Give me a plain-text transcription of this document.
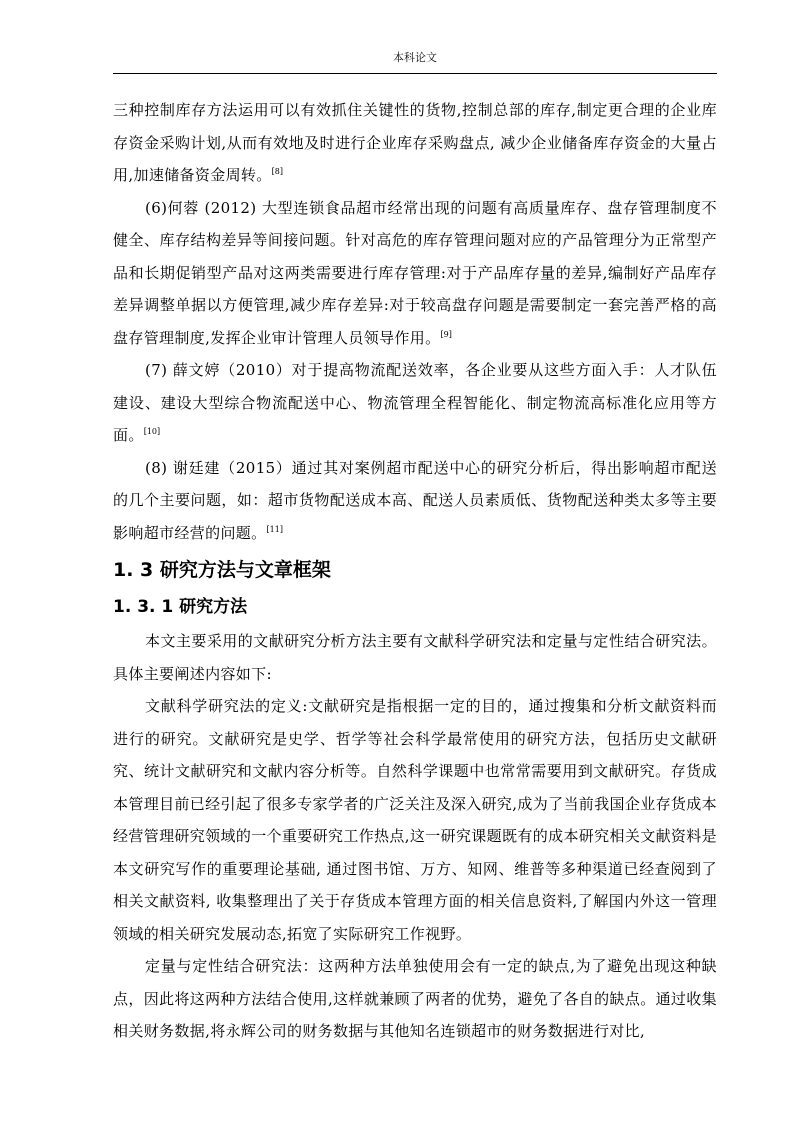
本科论文

三种控制库存方法运用可以有效抓住关键性的货物,控制总部的库存,制定更合理的企业库存资金采购计划,从而有效地及时进行企业库存采购盘点, 减少企业储备库存资金的大量占用,加速储备资金周转。[8]

(6)何蓉 (2012) 大型连锁食品超市经常出现的问题有高质量库存、盘存管理制度不健全、库存结构差异等间接问题。针对高危的库存管理问题对应的产品管理分为正常型产品和长期促销型产品对这两类需要进行库存管理:对于产品库存量的差异,编制好产品库存差异调整单据以方便管理,减少库存差异:对于较高盘存问题是需要制定一套完善严格的高盘存管理制度,发挥企业审计管理人员领导作用。[9]

(7) 薛文婷（2010）对于提高物流配送效率，各企业要从这些方面入手：人才队伍建设、建设大型综合物流配送中心、物流管理全程智能化、制定物流高标准化应用等方面。[10]

(8) 谢廷建（2015）通过其对案例超市配送中心的研究分析后，得出影响超市配送的几个主要问题，如：超市货物配送成本高、配送人员素质低、货物配送种类太多等主要影响超市经营的问题。[11]

1. 3 研究方法与文章框架
1. 3. 1 研究方法

本文主要采用的文献研究分析方法主要有文献科学研究法和定量与定性结合研究法。具体主要阐述内容如下:

文献科学研究法的定义:文献研究是指根据一定的目的，通过搜集和分析文献资料而进行的研究。文献研究是史学、哲学等社会科学最常使用的研究方法，包括历史文献研究、统计文献研究和文献内容分析等。自然科学课题中也常常需要用到文献研究。存货成本管理目前已经引起了很多专家学者的广泛关注及深入研究,成为了当前我国企业存货成本经营管理研究领域的一个重要研究工作热点,这一研究课题既有的成本研究相关文献资料是本文研究写作的重要理论基础, 通过图书馆、万方、知网、维普等多种渠道已经查阅到了相关文献资料, 收集整理出了关于存货成本管理方面的相关信息资料,了解国内外这一管理领域的相关研究发展动态,拓宽了实际研究工作视野。

定量与定性结合研究法：这两种方法单独使用会有一定的缺点,为了避免出现这种缺点，因此将这两种方法结合使用,这样就兼顾了两者的优势，避免了各自的缺点。通过收集相关财务数据,将永辉公司的财务数据与其他知名连锁超市的财务数据进行对比,
